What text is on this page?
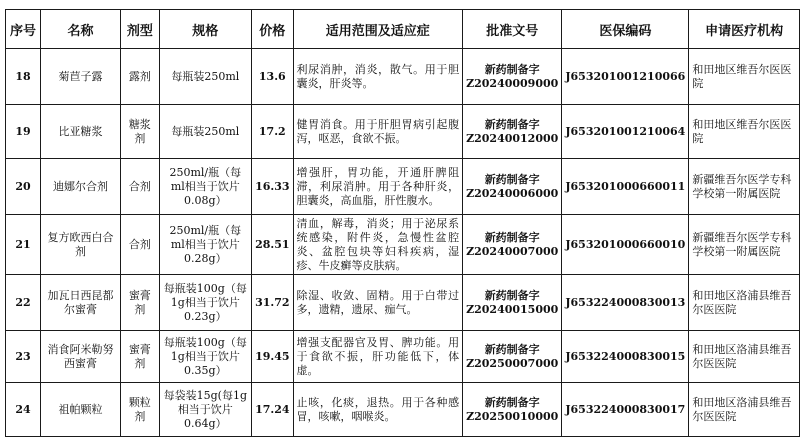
序号	名称	剂型	规格	价格	适用范围及适应症	批准文号	医保编码	申请医疗机构
18	菊苣子露	露剂	每瓶装250ml	13.6	利尿消肿，消炎，散气。用于胆囊炎，肝炎等。	新药制备字Z20240009000	J653201001210066	和田地区维吾尔医医院
19	比亚糖浆	糖浆剂	每瓶装250ml	17.2	健胃消食。用于肝胆胃病引起腹泻，呕恶，食欲不振。	新药制备字Z20240012000	J653201001210064	和田地区维吾尔医医院
20	迪娜尔合剂	合剂	250ml/瓶（每ml相当于饮片0.08g）	16.33	增强肝，胃功能，开通肝脾阻滞，利尿消肿。用于各种肝炎，胆囊炎，高血脂，肝性腹水。	新药制备字Z20240006000	J653201000660011	新疆维吾尔医学专科学校第一附属医院
21	复方欧西白合剂	合剂	250ml/瓶（每ml相当于饮片0.28g）	28.51	清血，解毒，消炎；用于泌尿系统感染，附件炎，急慢性盆腔炎、盆腔包块等妇科疾病，湿疹、牛皮癣等皮肤病。	新药制备字Z20240007000	J653201000660010	新疆维吾尔医学专科学校第一附属医院
22	加瓦日西昆都尔蜜膏	蜜膏剂	每瓶装100g（每1g相当于饮片0.23g）	31.72	除湿、收敛、固精。用于白带过多，遗精，遗尿、痂气。	新药制备字Z20240015000	J653224000830013	和田地区洛浦县维吾尔医医院
23	消食阿米勒努西蜜膏	蜜膏剂	每瓶装100g（每1g相当于饮片0.35g）	19.45	增强支配器官及胃、脾功能。用于食欲不振，肝功能低下，体虚。	新药制备字Z20250007000	J653224000830015	和田地区洛浦县维吾尔医医院
24	祖帕颗粒	颗粒剂	每袋装15g(每1g相当于饮片0.64g）	17.24	止咳，化痰，退热。用于各种感冒，咳嗽，咽喉炎。	新药制备字Z20250010000	J653224000830017	和田地区洛浦县维吾尔医医院
